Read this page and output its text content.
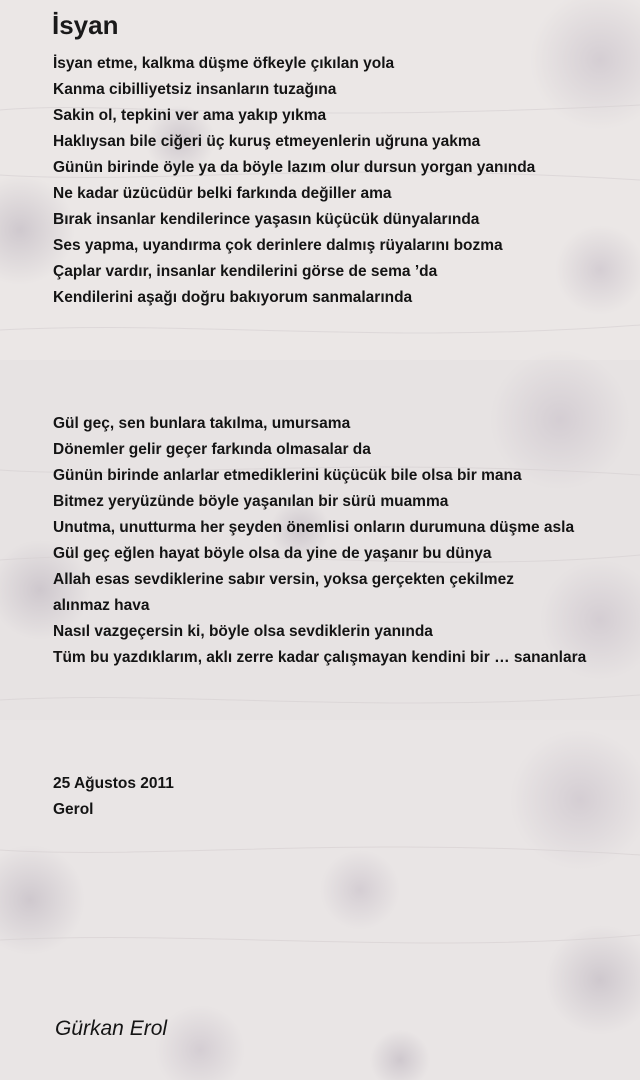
İsyan
İsyan etme, kalkma düşme öfkeyle çıkılan yola
Kanma cibilliyetsiz insanların tuzağına
Sakin ol, tepkini ver ama yakıp yıkma
Haklıysan bile ciğeri üç kuruş etmeyenlerin uğruna yakma
Günün birinde öyle ya da böyle lazım olur dursun yorgan yanında
Ne kadar üzücüdür belki farkında değiller ama
Bırak insanlar kendilerince yaşasın küçücük dünyalarında
Ses yapma, uyandırma çok derinlere dalmış rüyalarını bozma
Çaplar vardır, insanlar kendilerini görse de sema ’da
Kendilerini aşağı doğru bakıyorum sanmalarında
Gül geç, sen bunlara takılma, umursama
Dönemler gelir geçer farkında olmasalar da
Günün birinde anlarlar etmediklerini küçücük bile olsa bir mana
Bitmez yeryüzünde böyle yaşanılan bir sürü muamma
Unutma, unutturma her şeyden önemlisi onların durumuna düşme asla
Gül geç eğlen hayat böyle olsa da yine de yaşanır bu dünya
Allah esas sevdiklerine sabır versin, yoksa gerçekten çekilmez
alınmaz hava
Nasıl vazgeçersin ki, böyle olsa sevdiklerin yanında
Tüm bu yazdıklarım, aklı zerre kadar çalışmayan kendini bir … sananlara
25 Ağustos 2011
Gerol
Gürkan Erol
